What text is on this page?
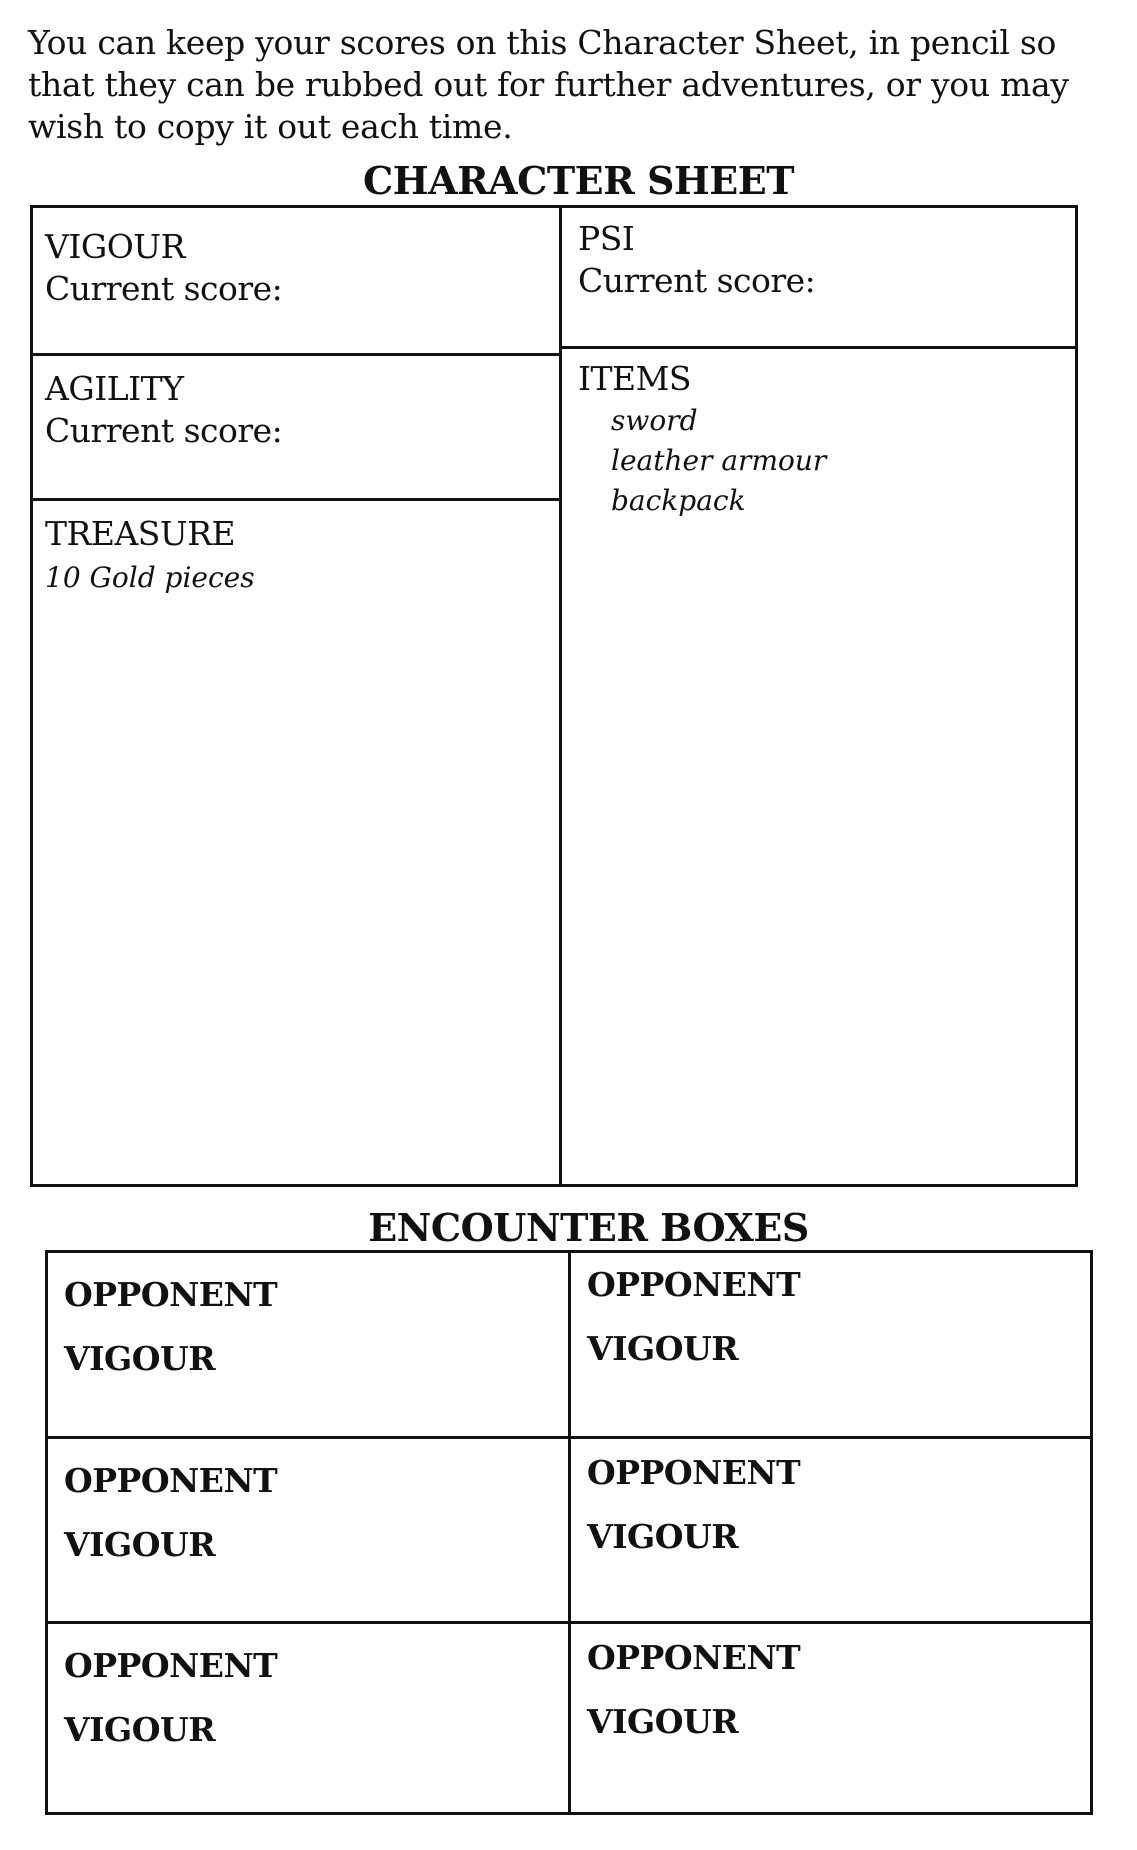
You can keep your scores on this Character Sheet, in pencil so that they can be rubbed out for further adventures, or you may wish to copy it out each time.
CHARACTER SHEET
VIGOUR
Current score:
PSI
Current score:
AGILITY
Current score:
ITEMS
sword
leather armour
backpack
TREASURE
10 Gold pieces
ENCOUNTER BOXES
OPPONENT
VIGOUR
OPPONENT
VIGOUR
OPPONENT
VIGOUR
OPPONENT
VIGOUR
OPPONENT
VIGOUR
OPPONENT
VIGOUR
